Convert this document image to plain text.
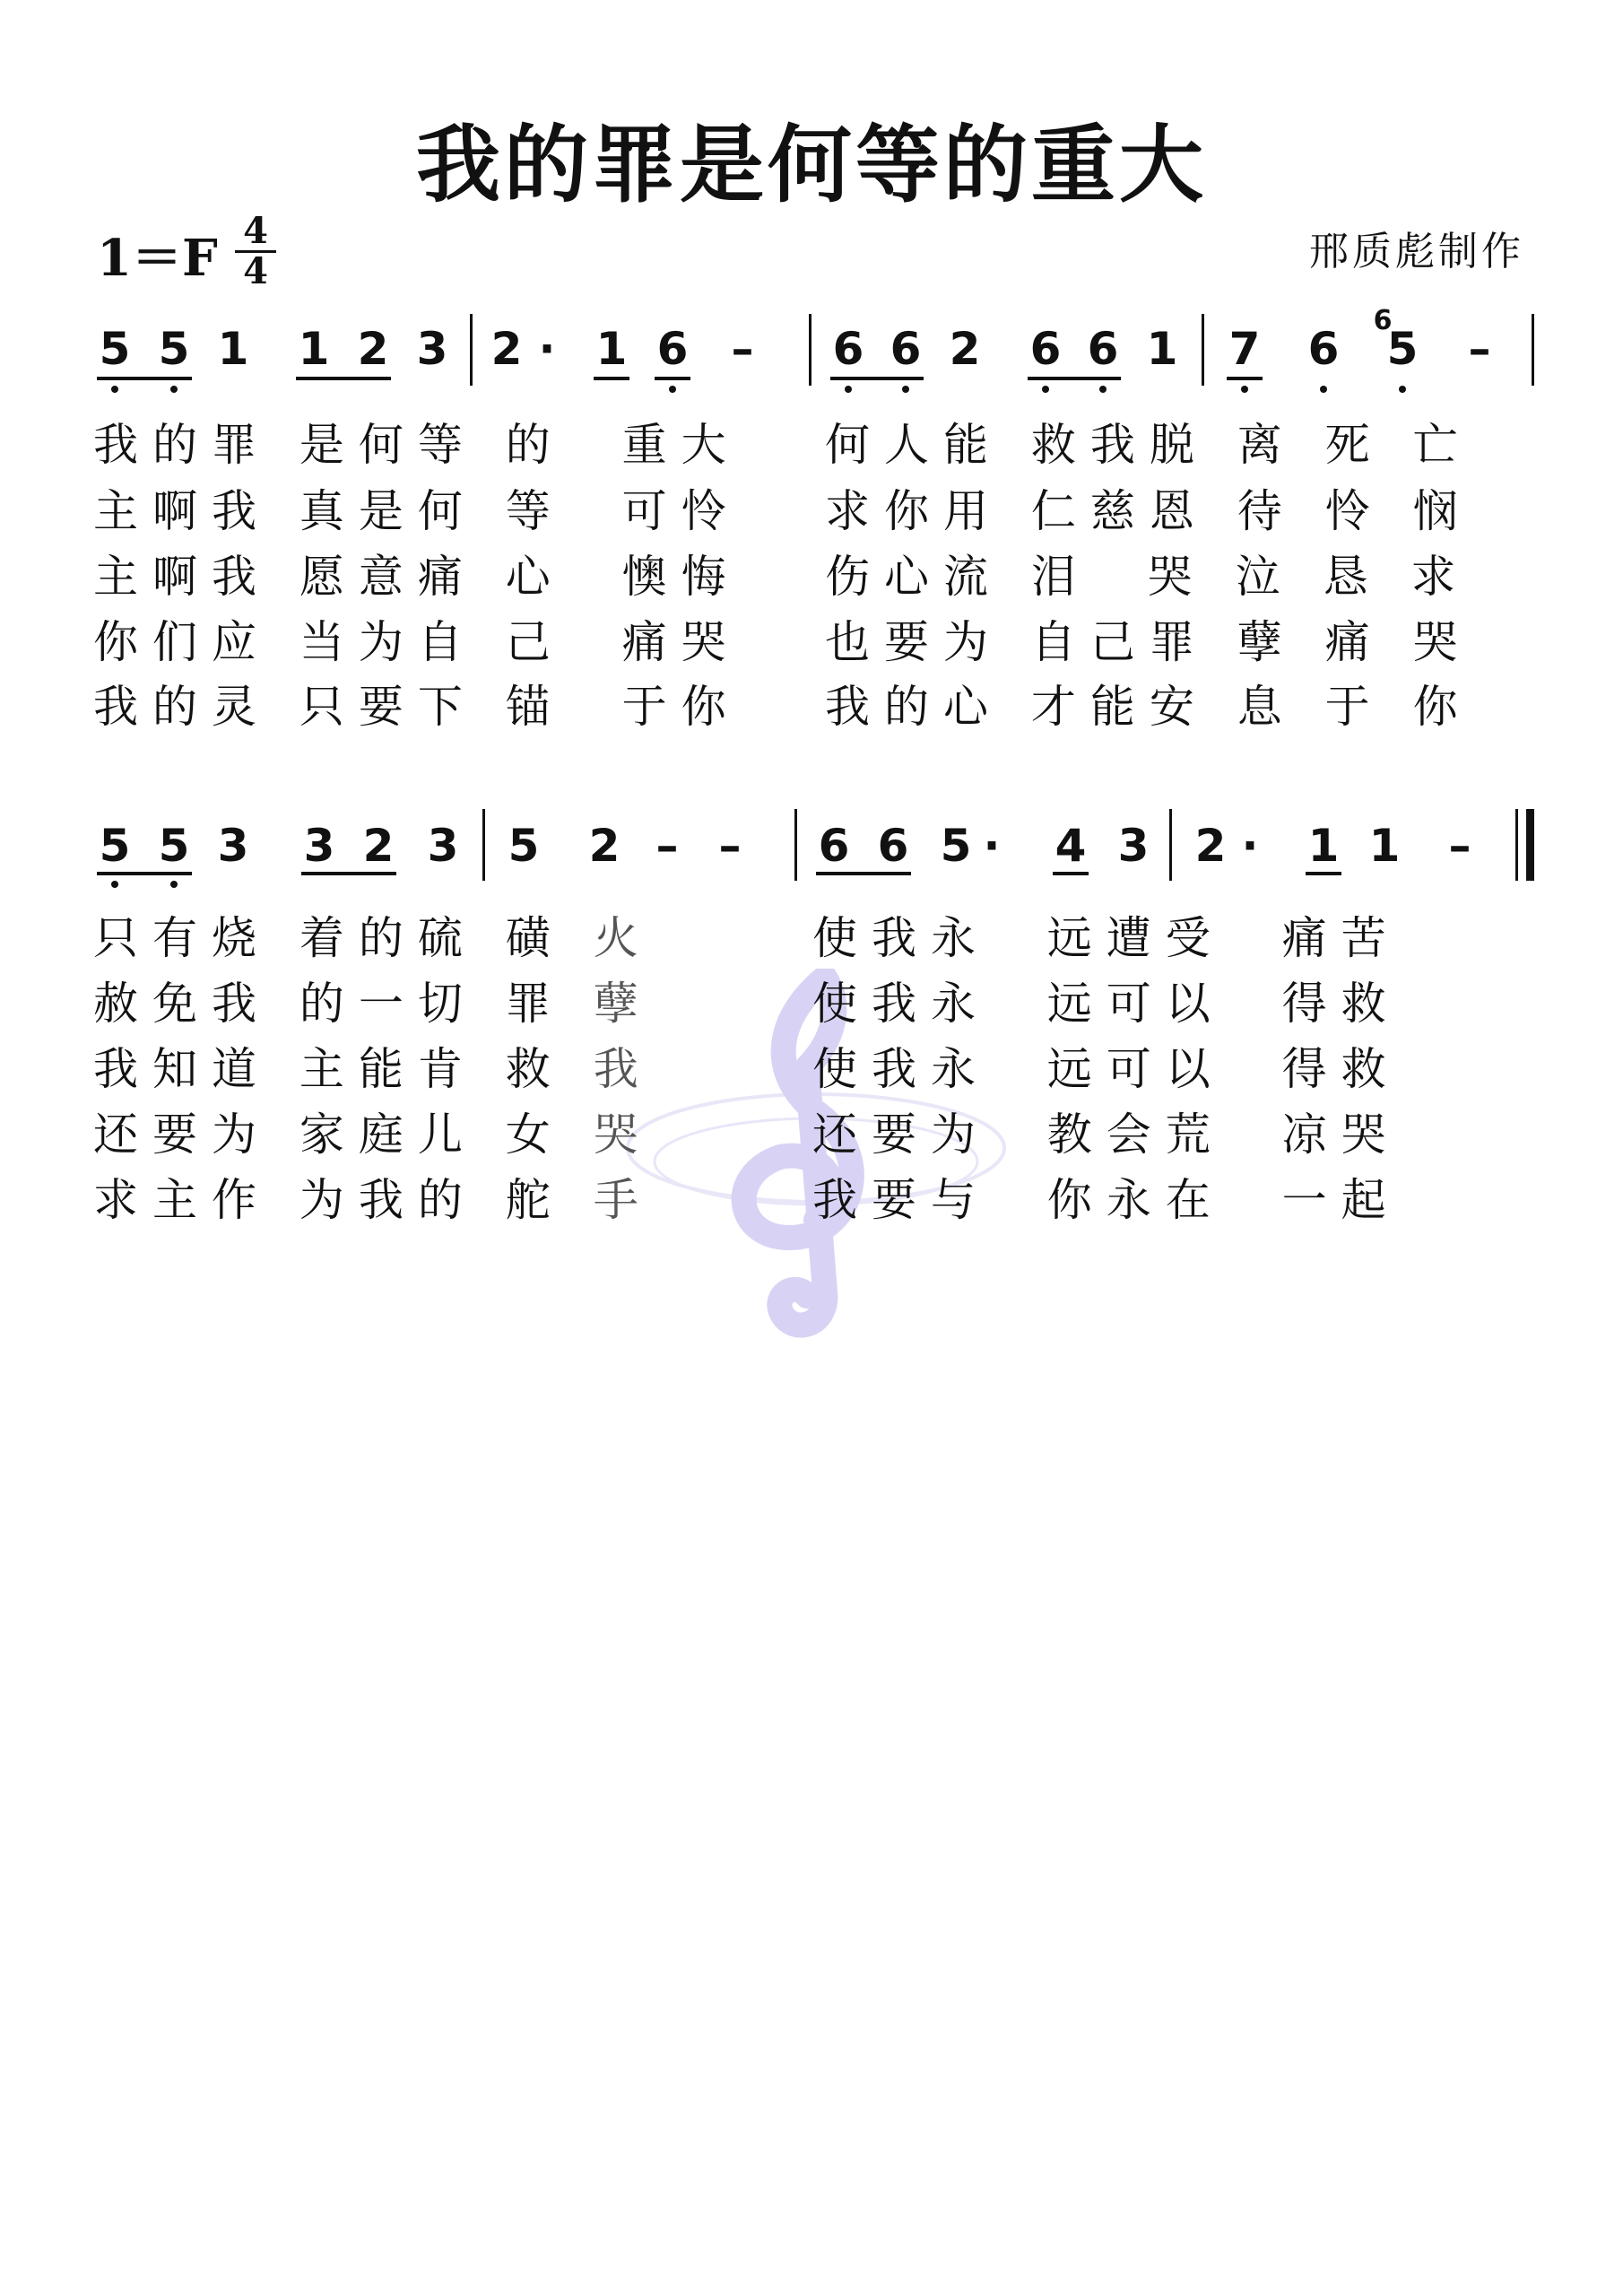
我的罪是何等的重大
1＝F 4
4	邢质彪制作
5 5 1 1 2 3 2 · 1 6 – 6 6 2 6 6 1 7 6
6
5 –

我的罪 是何等 的  重大

何人能 救我脱 离 死 亡

主啊我 真是何 等  可怜

求你用 仁慈恩 待 怜 悯

主啊我 愿意痛 心  懊悔

伤心流 泪  哭 泣 恳 求

你们应 当为自 己  痛哭

也要为 自己罪 孽 痛 哭

我的灵 只要下 锚  于你

我的心 才能安 息 于 你

5 5 3 3 2 3 5 2 – – 6 6 5 · 4 3 2 · 1 1 –

只有烧 着的硫 磺 火

	使我永  远遭受  痛苦

赦免我 的一切 罪 孽

	使我永  远可以  得救

我知道 主能肯 救 我

	使我永  远可以  得救

还要为 家庭儿 女 哭

	还要为  教会荒  凉哭

求主作 为我的 舵 手

	我要与  你永在  一起
